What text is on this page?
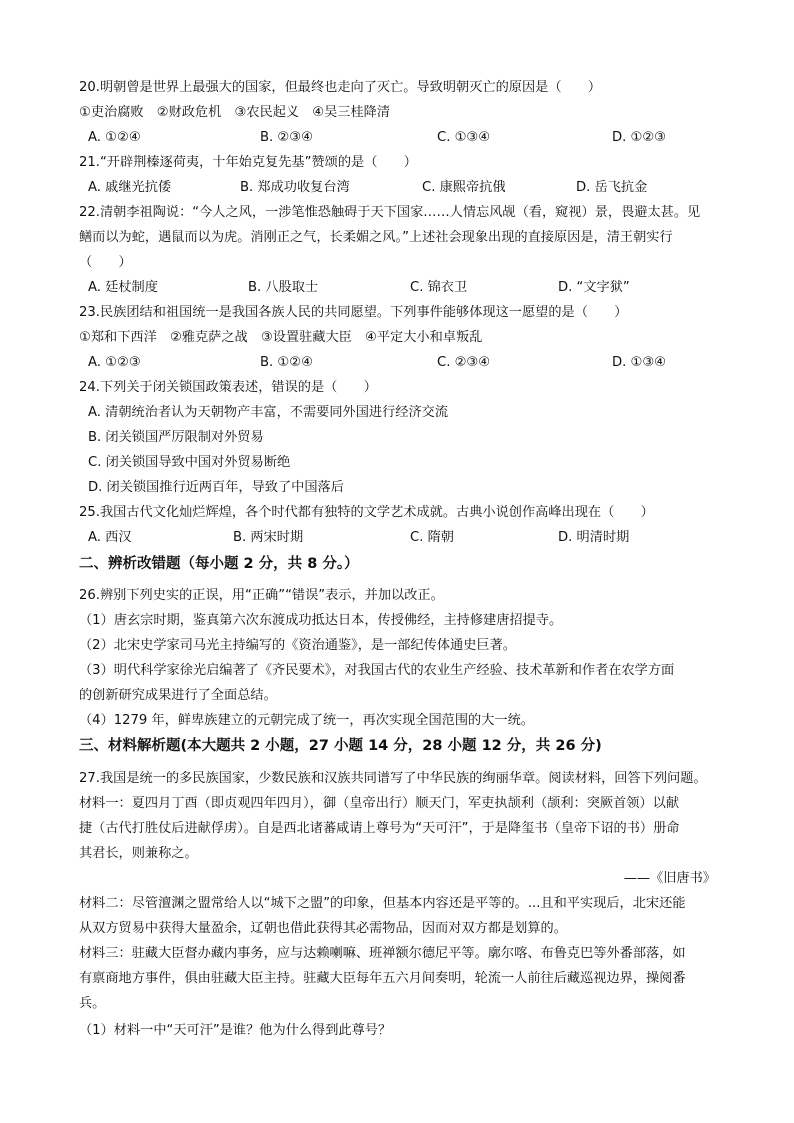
20.明朝曾是世界上最强大的国家，但最终也走向了灭亡。导致明朝灭亡的原因是（　　）
①吏治腐败　②财政危机　③农民起义　④吴三桂降清
A. ①②④	B. ②③④	C. ①③④	D. ①②③
21.“开辟荆榛逐荷夷，十年始克复先基”赞颂的是（　　）
A. 戚继光抗倭	B. 郑成功收复台湾	C. 康熙帝抗俄	D. 岳飞抗金
22.清朝李祖陶说：“今人之风，一涉笔惟恐触碍于天下国家……人情忘风觇（看，窥视）景，畏避太甚。见
鳝而以为蛇，遇鼠而以为虎。消刚正之气，长柔媚之风。”上述社会现象出现的直接原因是，清王朝实行
（　　）
A. 廷杖制度	B. 八股取士	C. 锦衣卫	D. “文字狱”
23.民族团结和祖国统一是我国各族人民的共同愿望。下列事件能够体现这一愿望的是（　　）
①郑和下西洋　②雅克萨之战　③设置驻藏大臣　④平定大小和卓叛乱
A. ①②③	B. ①②④	C. ②③④	D. ①③④
24.下列关于闭关锁国政策表述，错误的是（　　）
A. 清朝统治者认为天朝物产丰富，不需要同外国进行经济交流
B. 闭关锁国严厉限制对外贸易
C. 闭关锁国导致中国对外贸易断绝
D. 闭关锁国推行近两百年，导致了中国落后
25.我国古代文化灿烂辉煌，各个时代都有独特的文学艺术成就。古典小说创作高峰出现在（　　）
A. 西汉	B. 两宋时期	C. 隋朝	D. 明清时期
二、辨析改错题（每小题 2 分，共 8 分。）
26.辨别下列史实的正误，用“正确”“错误”表示，并加以改正。
（1）唐玄宗时期，鉴真第六次东渡成功抵达日本，传授佛经，主持修建唐招提寺。
（2）北宋史学家司马光主持编写的《资治通鉴》，是一部纪传体通史巨著。
（3）明代科学家徐光启编著了《齐民要术》，对我国古代的农业生产经验、技术革新和作者在农学方面
的创新研究成果进行了全面总结。
（4）1279 年，鲜卑族建立的元朝完成了统一，再次实现全国范围的大一统。
三、材料解析题(本大题共 2 小题，27 小题 14 分，28 小题 12 分，共 26 分)
27.我国是统一的多民族国家，少数民族和汉族共同谱写了中华民族的绚丽华章。阅读材料，回答下列问题。
材料一：夏四月丁酉（即贞观四年四月），御（皇帝出行）顺天门，军吏执颉利（颉利：突厥首领）以献
捷（古代打胜仗后进献俘虏）。自是西北诸蕃咸请上尊号为“天可汗”，于是降玺书（皇帝下诏的书）册命
其君长，则兼称之。
——《旧唐书》
材料二：尽管澶渊之盟常给人以“城下之盟”的印象，但基本内容还是平等的。...且和平实现后，北宋还能
从双方贸易中获得大量盈余，辽朝也借此获得其必需物品，因而对双方都是划算的。
材料三：驻藏大臣督办藏内事务，应与达赖喇嘛、班禅额尔德尼平等。廓尔喀、布鲁克巴等外番部落，如
有禀商地方事件，俱由驻藏大臣主持。驻藏大臣每年五六月间奏明，轮流一人前往后藏巡视边界，操阅番
兵。
（1）材料一中“天可汗”是谁？他为什么得到此尊号？
